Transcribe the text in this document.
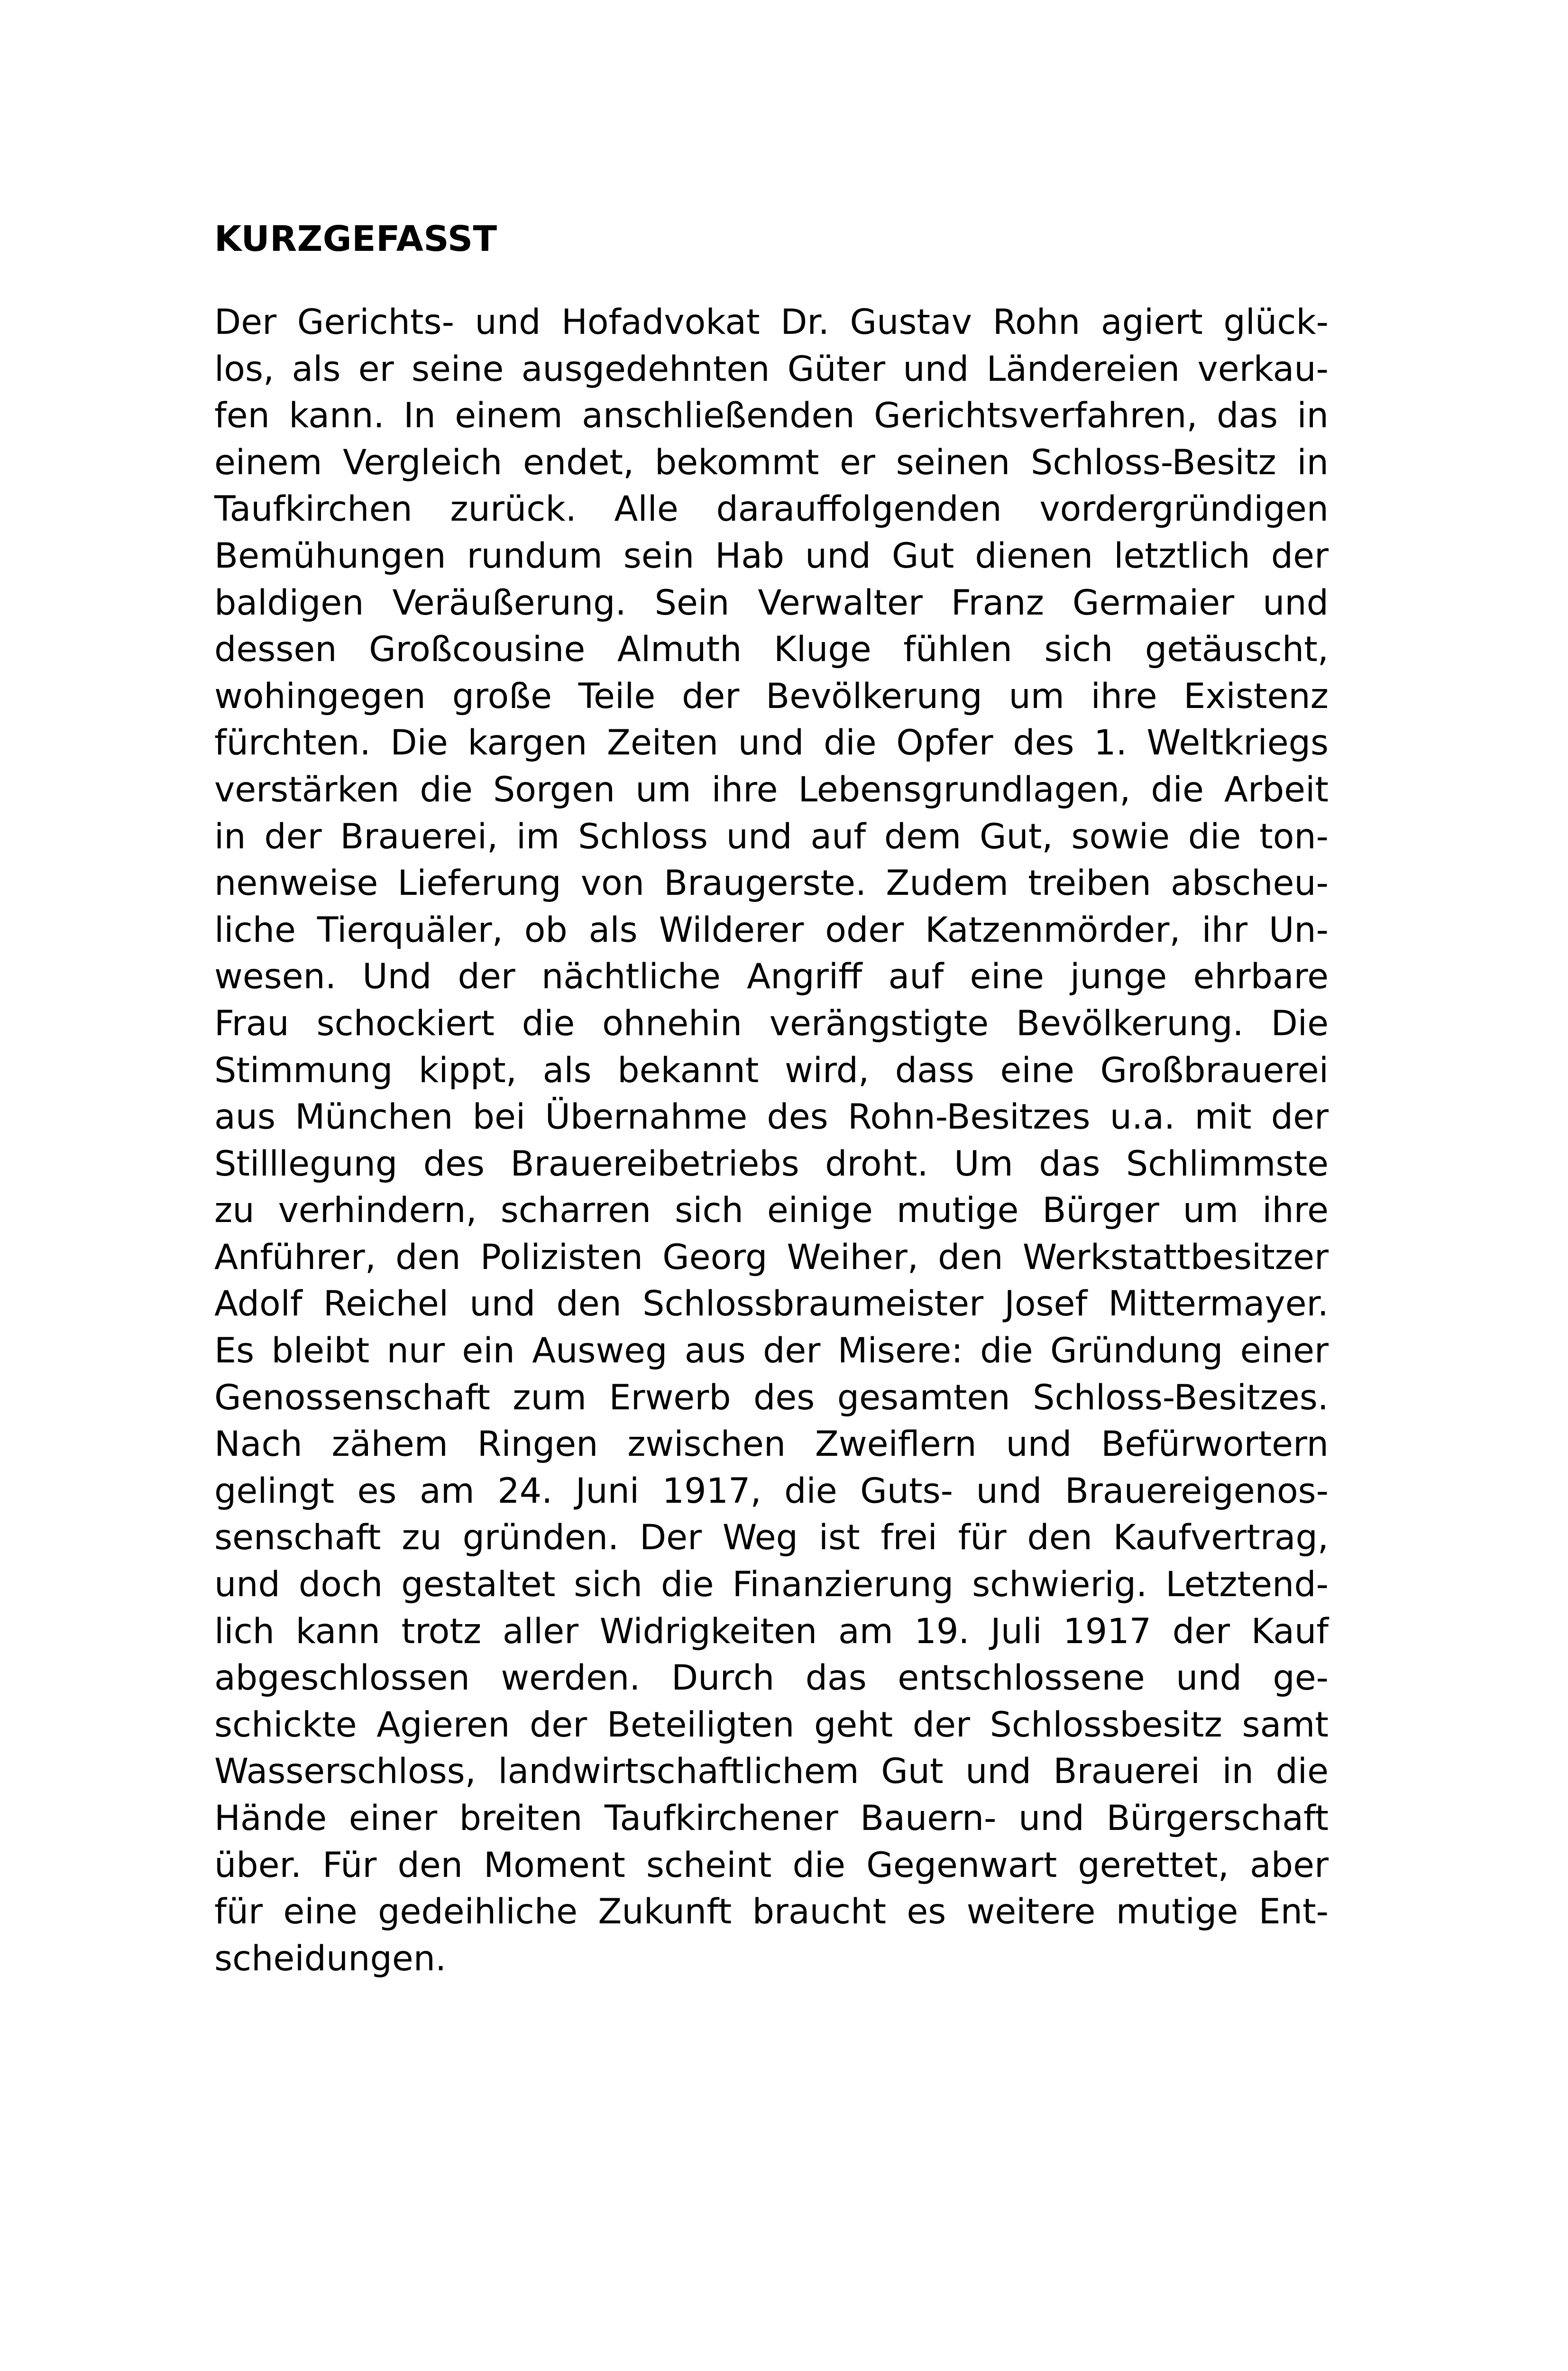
KURZGEFASST

Der Gerichts- und Hofadvokat Dr. Gustav Rohn agiert glück-
los, als er seine ausgedehnten Güter und Ländereien verkau-
fen kann. In einem anschließenden Gerichtsverfahren, das in
einem Vergleich endet, bekommt er seinen Schloss-Besitz in
Taufkirchen zurück. Alle darauffolgenden vordergründigen
Bemühungen rundum sein Hab und Gut dienen letztlich der
baldigen Veräußerung. Sein Verwalter Franz Germaier und
dessen Großcousine Almuth Kluge fühlen sich getäuscht,
wohingegen große Teile der Bevölkerung um ihre Existenz
fürchten. Die kargen Zeiten und die Opfer des 1. Weltkriegs
verstärken die Sorgen um ihre Lebensgrundlagen, die Arbeit
in der Brauerei, im Schloss und auf dem Gut, sowie die ton-
nenweise Lieferung von Braugerste. Zudem treiben abscheu-
liche Tierquäler, ob als Wilderer oder Katzenmörder, ihr Un-
wesen. Und der nächtliche Angriff auf eine junge ehrbare
Frau schockiert die ohnehin verängstigte Bevölkerung. Die
Stimmung kippt, als bekannt wird, dass eine Großbrauerei
aus München bei Übernahme des Rohn-Besitzes u.a. mit der
Stilllegung des Brauereibetriebs droht. Um das Schlimmste
zu verhindern, scharren sich einige mutige Bürger um ihre
Anführer, den Polizisten Georg Weiher, den Werkstattbesitzer
Adolf Reichel und den Schlossbraumeister Josef Mittermayer.
Es bleibt nur ein Ausweg aus der Misere: die Gründung einer
Genossenschaft zum Erwerb des gesamten Schloss-Besitzes.
Nach zähem Ringen zwischen Zweiflern und Befürwortern
gelingt es am 24. Juni 1917, die Guts- und Brauereigenos-
senschaft zu gründen. Der Weg ist frei für den Kaufvertrag,
und doch gestaltet sich die Finanzierung schwierig. Letztend-
lich kann trotz aller Widrigkeiten am 19. Juli 1917 der Kauf
abgeschlossen werden. Durch das entschlossene und ge-
schickte Agieren der Beteiligten geht der Schlossbesitz samt
Wasserschloss, landwirtschaftlichem Gut und Brauerei in die
Hände einer breiten Taufkirchener Bauern- und Bürgerschaft
über. Für den Moment scheint die Gegenwart gerettet, aber
für eine gedeihliche Zukunft braucht es weitere mutige Ent-
scheidungen.
